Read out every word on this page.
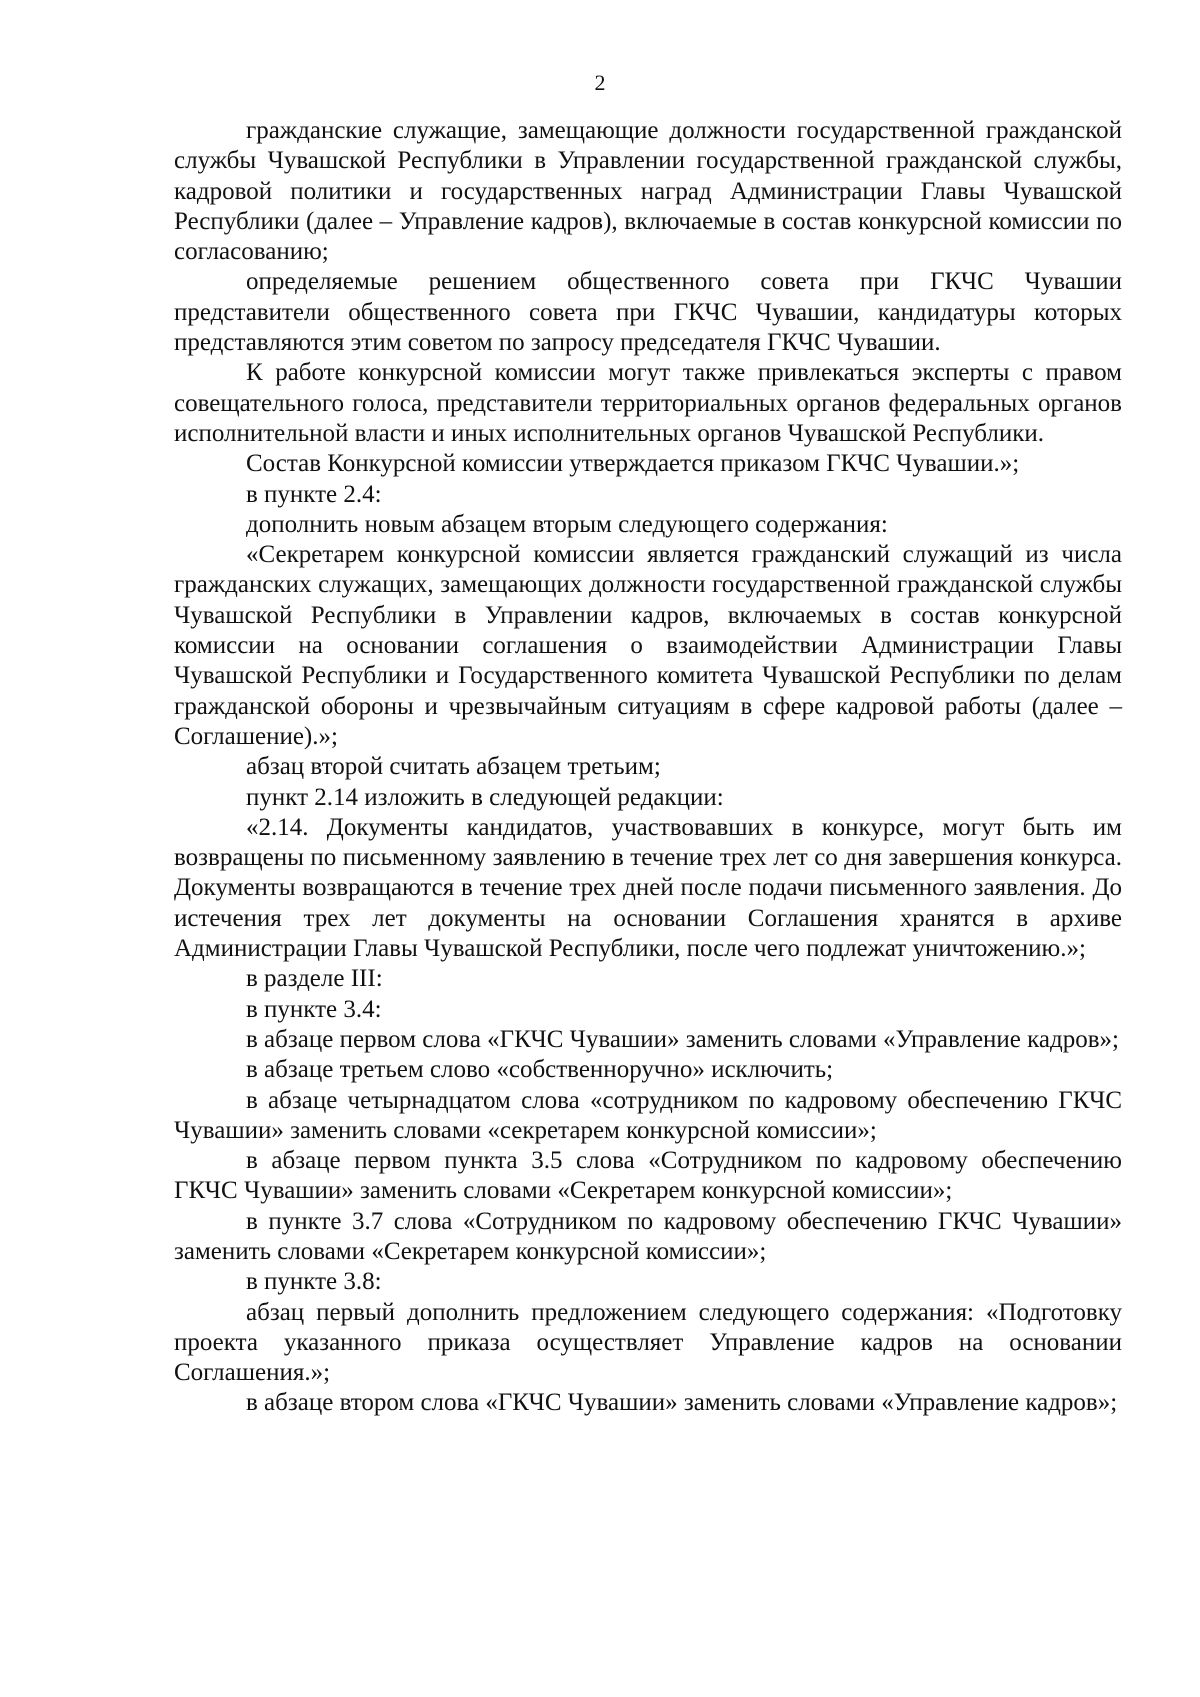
2

гражданские служащие, замещающие должности государственной гражданской службы Чувашской Республики в Управлении государственной гражданской службы, кадровой политики и государственных наград Администрации Главы Чувашской Республики (далее – Управление кадров), включаемые в состав конкурсной комиссии по согласованию;

определяемые решением общественного совета при ГКЧС Чувашии представители общественного совета при ГКЧС Чувашии, кандидатуры которых представляются этим советом по запросу председателя ГКЧС Чувашии.

К работе конкурсной комиссии могут также привлекаться эксперты с правом совещательного голоса, представители территориальных органов федеральных органов исполнительной власти и иных исполнительных органов Чувашской Республики.

Состав Конкурсной комиссии утверждается приказом ГКЧС Чувашии.»;

в пункте 2.4:

дополнить новым абзацем вторым следующего содержания:

«Секретарем конкурсной комиссии является гражданский служащий из числа гражданских служащих, замещающих должности государственной гражданской службы Чувашской Республики в Управлении кадров, включаемых в состав конкурсной комиссии на основании соглашения о взаимодействии Администрации Главы Чувашской Республики и Государственного комитета Чувашской Республики по делам гражданской обороны и чрезвычайным ситуациям в сфере кадровой работы (далее – Соглашение).»;

абзац второй считать абзацем третьим;

пункт 2.14 изложить в следующей редакции:

«2.14. Документы кандидатов, участвовавших в конкурсе, могут быть им возвращены по письменному заявлению в течение трех лет со дня завершения конкурса. Документы возвращаются в течение трех дней после подачи письменного заявления. До истечения трех лет документы на основании Соглашения хранятся в архиве Администрации Главы Чувашской Республики, после чего подлежат уничтожению.»;

в разделе III:

в пункте 3.4:

в абзаце первом слова «ГКЧС Чувашии» заменить словами «Управление кадров»;

в абзаце третьем слово «собственноручно» исключить;

в абзаце четырнадцатом слова «сотрудником по кадровому обеспечению ГКЧС Чувашии» заменить словами «секретарем конкурсной комиссии»;

в абзаце первом пункта 3.5 слова «Сотрудником по кадровому обеспечению ГКЧС Чувашии» заменить словами «Секретарем конкурсной комиссии»;

в пункте 3.7 слова «Сотрудником по кадровому обеспечению ГКЧС Чувашии» заменить словами «Секретарем конкурсной комиссии»;

в пункте 3.8:

абзац первый дополнить предложением следующего содержания: «Подготовку проекта указанного приказа осуществляет Управление кадров на основании Соглашения.»;

в абзаце втором слова «ГКЧС Чувашии» заменить словами «Управление кадров»;
